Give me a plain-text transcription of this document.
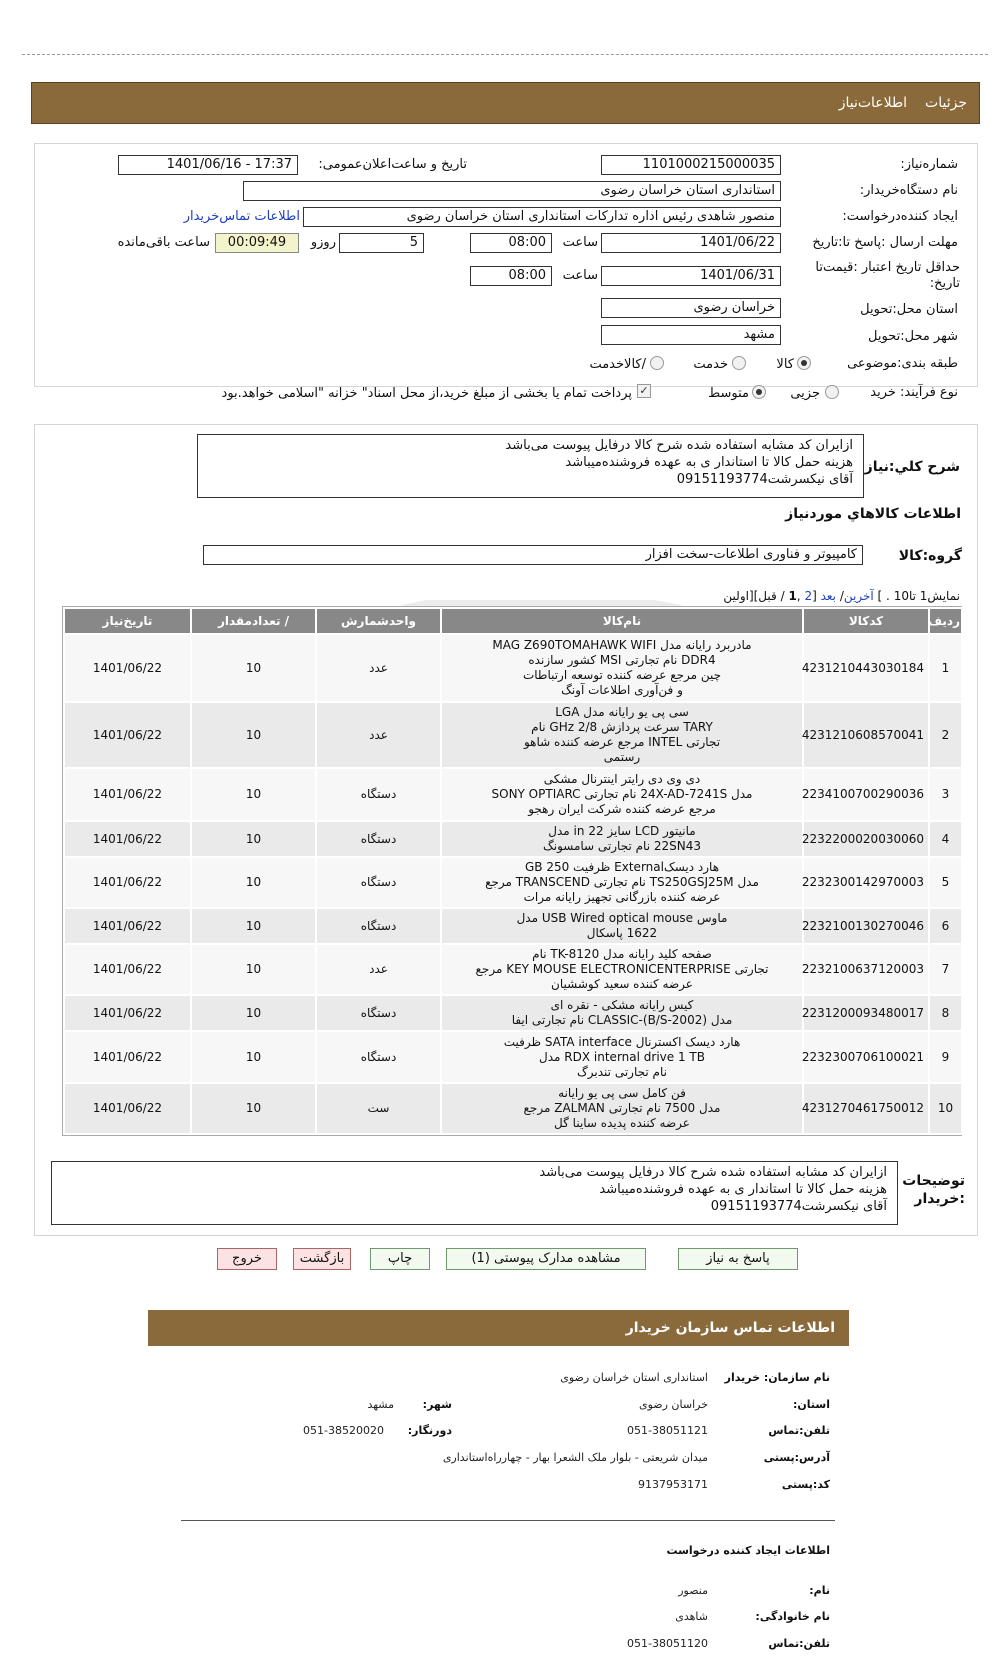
جزئیات
اطلاعات‌نیاز
شماره‌نیاز:
1101000215000035
تاریخ و ساعت‌اعلان‌عمومی:
1401/06/16 - 17:37
نام دستگاه‌خریدار:
استانداری استان خراسان رضوی
ایجاد کننده‌درخواست:
منصور شاهدی رئیس اداره تدارکات استانداری استان خراسان رضوی
اطلاعات تماس‌خریدار
مهلت ارسال :پاسخ تا:تاریخ
1401/06/22
ساعت
08:00
5
روزو
00:09:49
ساعت باقی‌مانده
حداقل تاریخ اعتبار :قیمت‌تا تاریخ:
1401/06/31
ساعت
08:00
استان محل:تحویل
خراسان رضوی
شهر محل:تحویل
مشهد
طبقه بندی:موضوعی
کالا
خدمت
/کالاخدمت
نوع فرآیند: خرید
جزیی
متوسط
✓
پرداخت تمام یا بخشی از مبلغ خرید،از محل اسناد" خزانه "اسلامی خواهد.بود
شرح کلي:نياز
ازایران کد مشابه استفاده شده شرح کالا درفایل پیوست می‌باشد
هزینه حمل کالا تا استاندار ی به عهده فروشنده‌میباشد
آقای نیکسرشت09151193774
اطلاعات کالاهاي موردنياز
گروه:کالا
کامپیوتر و فناوری اطلاعات-سخت افزار
نمایش1 تا10 . ] آخرین/ بعد [2 ,1 / قبل][اولین
ردیف	کدکالا	نام‌کالا	واحدشمارش	/ تعدادمقدار	تاریخ‌نیاز
1	4231210443030184	مادربرد رایانه مدل MAG Z690TOMAHAWK WIFI
DDR4 نام تجارتی MSI کشور سازنده
چین مرجع عرضه کننده توسعه ارتباطات
و فن‌آوری اطلاعات آونگ	عدد	10	1401/06/22
2	4231210608570041	سی پی یو رایانه مدل LGA
TARY سرعت پردازش 2/8 GHz نام
تجارتی INTEL مرجع عرضه کننده شاهو
رستمی	عدد	10	1401/06/22
3	2234100700290036	دی وی دی رایتر اینترنال مشکی
مدل 24X-AD-7241S نام تجارتی SONY OPTIARC
مرجع عرضه کننده شرکت ایران رهجو	دستگاه	10	1401/06/22
4	2232200020030060	مانیتور LCD سایز 22 in مدل
22SN43 نام تجارتی سامسونگ	دستگاه	10	1401/06/22
5	2232300142970003	هارد دیسکExternal ظرفیت 250 GB
مدل TS250GSJ25M نام تجارتی TRANSCEND مرجع
عرضه کننده بازرگانی تجهیز رایانه مرات	دستگاه	10	1401/06/22
6	2232100130270046	ماوس USB Wired optical mouse مدل
1622 پاسکال	دستگاه	10	1401/06/22
7	2232100637120003	صفحه کلید رایانه مدل TK-8120 نام
تجارتی KEY MOUSE ELECTRONICENTERPRISE مرجع
عرضه کننده سعید کوششیان	عدد	10	1401/06/22
8	2231200093480017	کیس رایانه مشکی - نقره ای
مدل CLASSIC-(B/S-2002) نام تجارتی ایفا	دستگاه	10	1401/06/22
9	2232300706100021	هارد دیسک اکسترنال SATA interface ظرفیت
RDX internal drive 1 TB مدل
نام تجارتی تندبرگ	دستگاه	10	1401/06/22
10	4231270461750012	فن کامل سی پی یو رایانه
مدل 7500 نام تجارتی ZALMAN مرجع
عرضه کننده پدیده ساینا گل	ست	10	1401/06/22
توضیحات :خریدار
ازایران کد مشابه استفاده شده شرح کالا درفایل پیوست می‌باشد
هزینه حمل کالا تا استاندار ی به عهده فروشنده‌میباشد
آقای نیکسرشت09151193774
پاسخ به نیاز
مشاهده مدارک پیوستی (1)
چاپ
بازگشت
خروج
اطلاعات تماس سازمان‌ خریدار
نام سازمان: خریدار
استانداری استان خراسان رضوی
استان:
خراسان رضوی
شهر:
مشهد
تلفن:تماس
051-38051121
دورنگار:
051-38520020
آدرس:پستی
میدان شریعتی - بلوار ملک الشعرا بهار - چهارراه‌استانداری
کد:پستی
9137953171
اطلاعات ایجاد کننده‌ درخواست
نام:
منصور
نام خانوادگی:
شاهدی
تلفن:تماس
051-38051120
